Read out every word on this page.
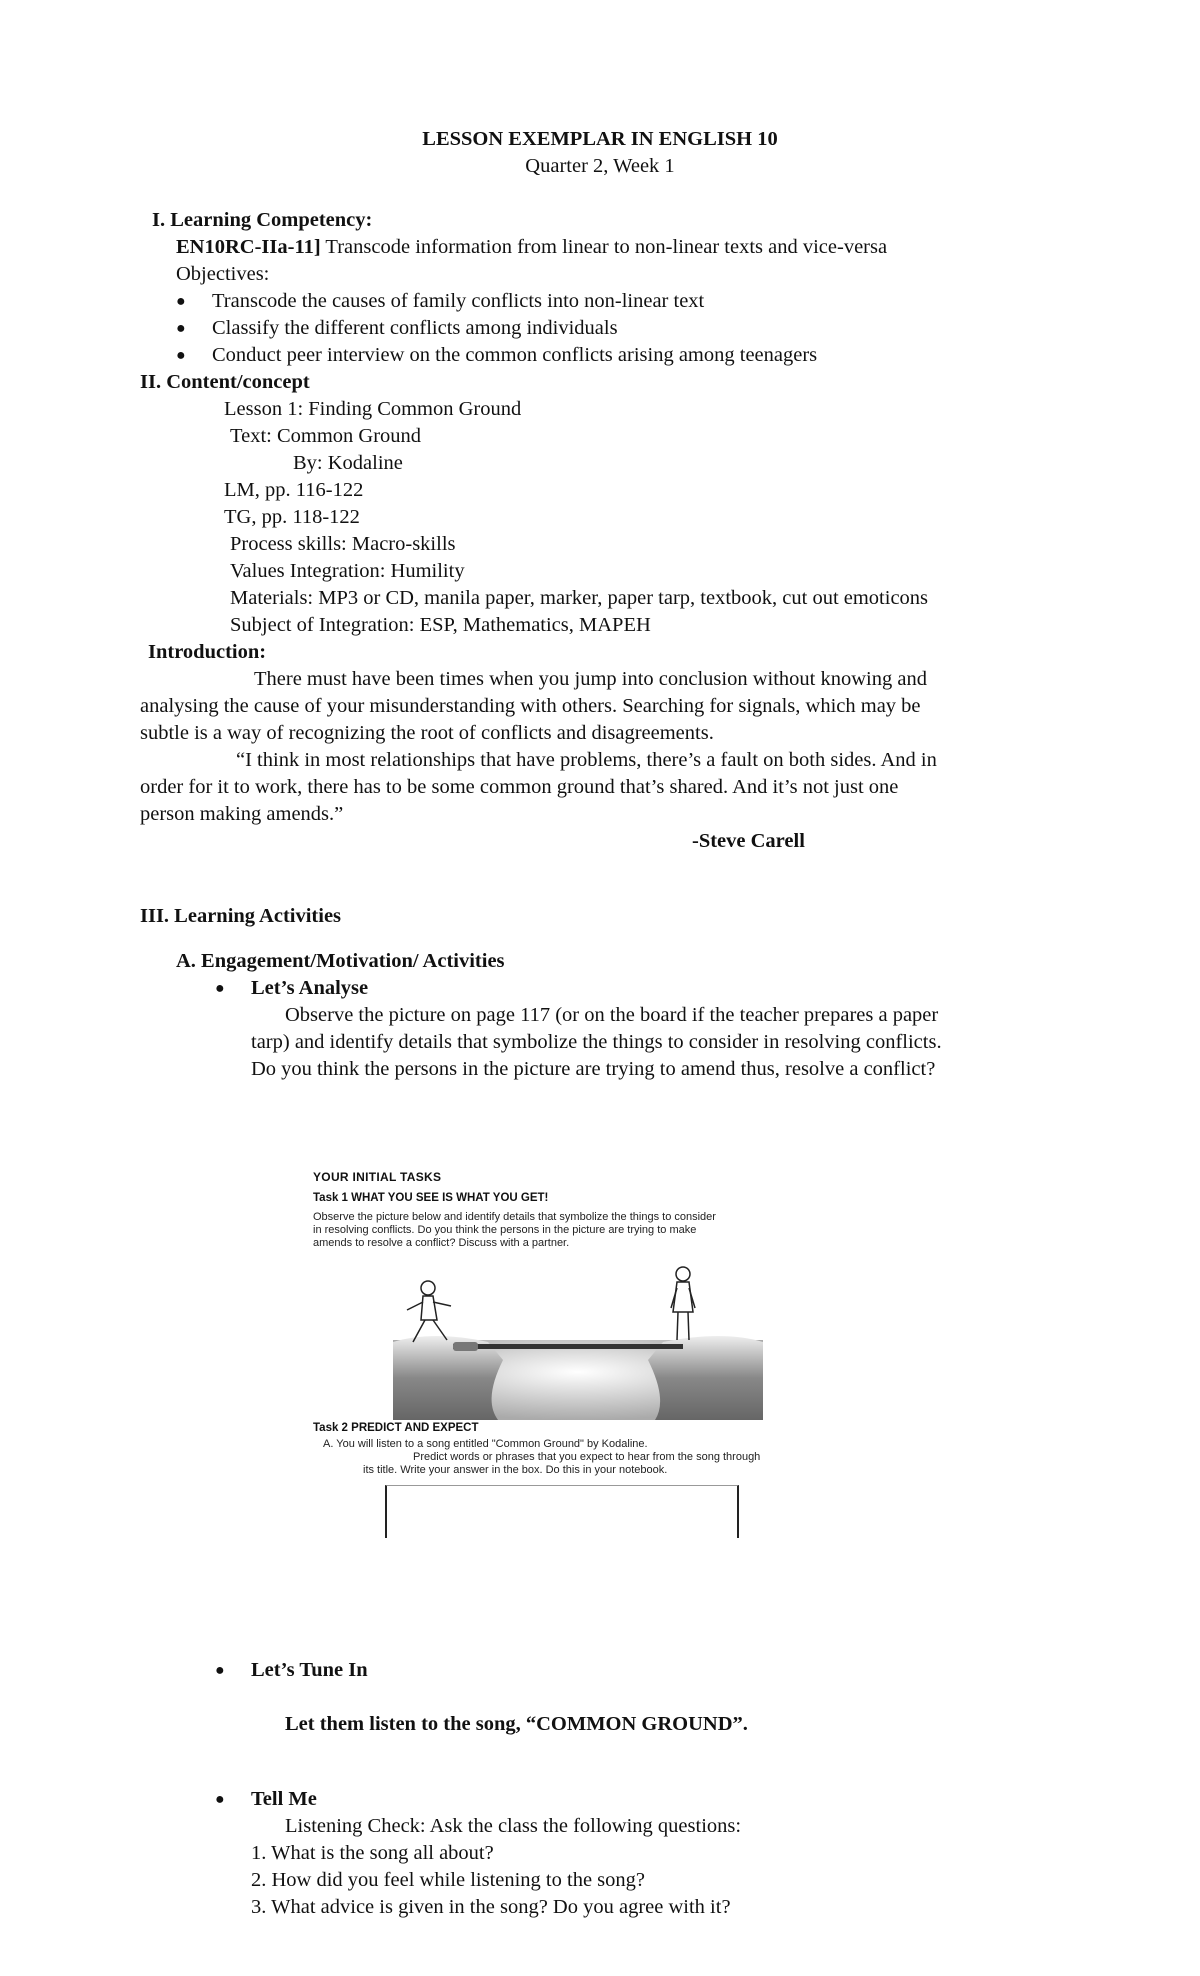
LESSON EXEMPLAR IN ENGLISH 10
Quarter 2, Week 1
I. Learning Competency:
EN10RC-IIa-11] Transcode information from linear to non-linear texts and vice-versa
Objectives:
● Transcode the causes of family conflicts into non-linear text
● Classify the different conflicts among individuals
● Conduct peer interview on the common conflicts arising among teenagers
II. Content/concept
Lesson 1: Finding Common Ground
Text: Common Ground
By: Kodaline
LM, pp. 116-122
TG, pp. 118-122
Process skills: Macro-skills
Values Integration: Humility
Materials: MP3 or CD, manila paper, marker, paper tarp, textbook, cut out emoticons
Subject of Integration: ESP, Mathematics, MAPEH
Introduction:
There must have been times when you jump into conclusion without knowing and
analysing the cause of your misunderstanding with others. Searching for signals, which may be
subtle is a way of recognizing the root of conflicts and disagreements.
“I think in most relationships that have problems, there’s a fault on both sides. And in
order for it to work, there has to be some common ground that’s shared. And it’s not just one
person making amends.”
-Steve Carell
III. Learning Activities
A. Engagement/Motivation/ Activities
● Let’s Analyse
Observe the picture on page 117 (or on the board if the teacher prepares a paper
tarp) and identify details that symbolize the things to consider in resolving conflicts.
Do you think the persons in the picture are trying to amend thus, resolve a conflict?
YOUR INITIAL TASKS
Task 1 WHAT YOU SEE IS WHAT YOU GET!
Observe the picture below and identify details that symbolize the things to consider
in resolving conflicts. Do you think the persons in the picture are trying to make
amends to resolve a conflict? Discuss with a partner.
Task 2 PREDICT AND EXPECT
A. You will listen to a song entitled "Common Ground" by Kodaline.
Predict words or phrases that you expect to hear from the song through
its title. Write your answer in the box. Do this in your notebook.
● Let’s Tune In
Let them listen to the song, “COMMON GROUND”.
● Tell Me
Listening Check: Ask the class the following questions:
1. What is the song all about?
2. How did you feel while listening to the song?
3. What advice is given in the song? Do you agree with it?
